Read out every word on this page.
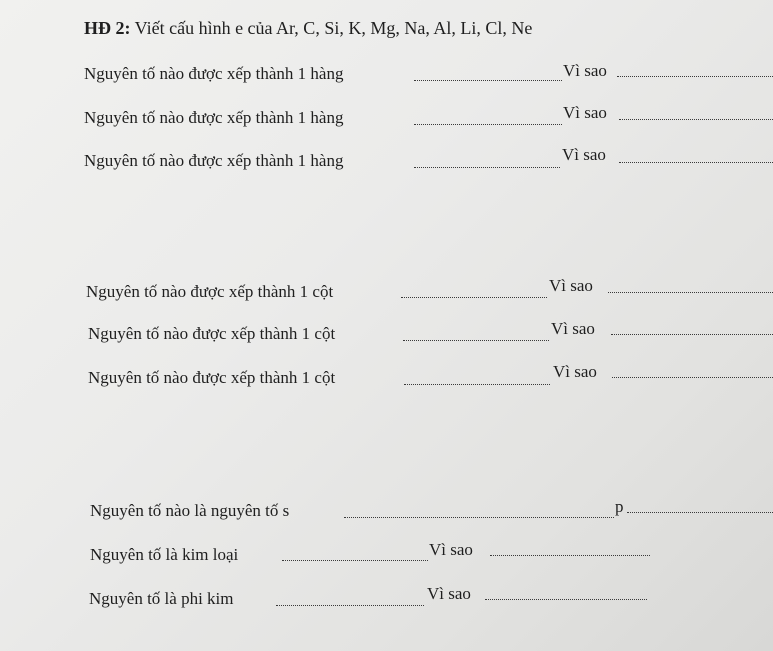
HĐ 2: Viết cấu hình e của Ar, C, Si, K, Mg, Na, Al, Li, Cl, Ne
Nguyên tố nào được xếp thành 1 hàng	Vì sao
Nguyên tố nào được xếp thành 1 hàng	Vì sao
Nguyên tố nào được xếp thành 1 hàng	Vì sao
Nguyên tố nào được xếp thành 1 cột	Vì sao
Nguyên tố nào được xếp thành 1 cột	Vì sao
Nguyên tố nào được xếp thành 1 cột	Vì sao
Nguyên tố nào là nguyên tố s	p
Nguyên tố là kim loại	Vì sao
Nguyên tố là phi kim	Vì sao
